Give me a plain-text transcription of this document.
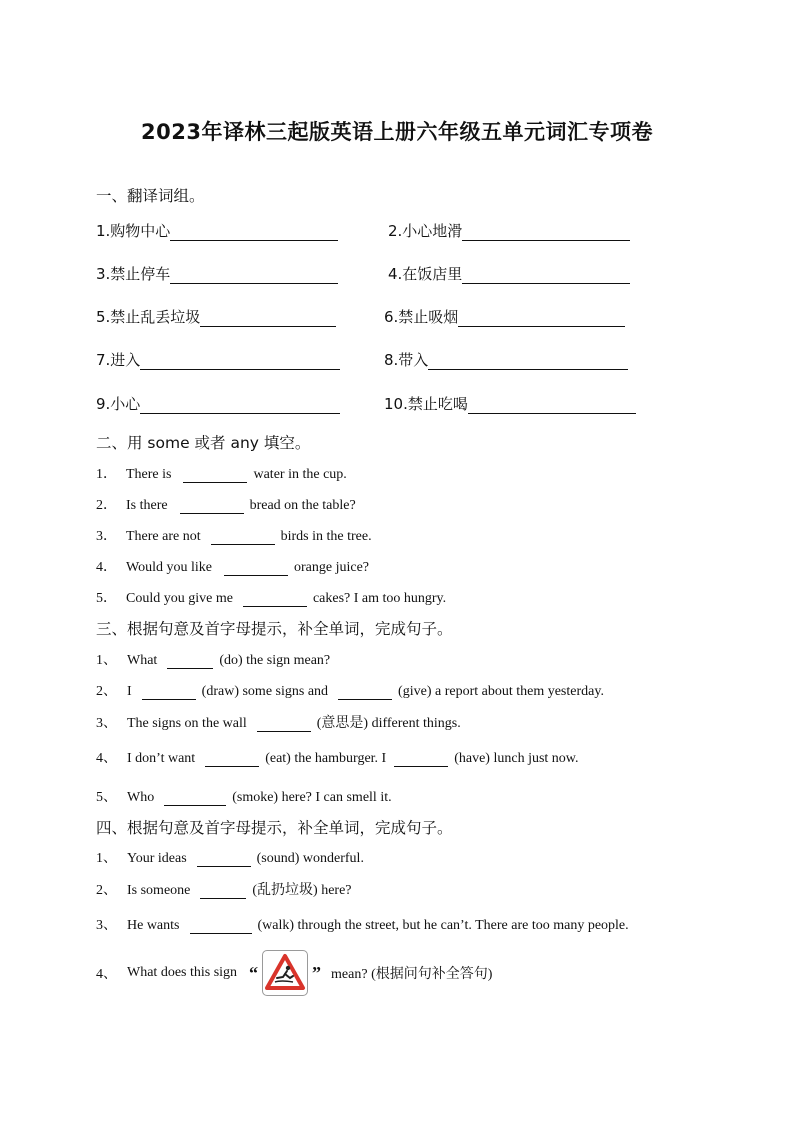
2023年译林三起版英语上册六年级五单元词汇专项卷
一、翻译词组。
1.购物中心	2.小心地滑
3.禁止停车	4.在饭店里
5.禁止乱丢垃圾	6.禁止吸烟
7.进入	8.带入
9.小心	10.禁止吃喝
二、用 some 或者 any 填空。
1． There is	water in the cup.
2． Is there	bread on the table?
3． There are not	birds in the tree.
4． Would you like	orange juice?
5． Could you give me	cakes? I am too hungry.
三、根据句意及首字母提示，补全单词，完成句子。
1、 What	(do) the sign mean?
2、 I	(draw) some signs and	(give) a report about them yesterday.
3、 The signs on the wall	(意思是) different things.
4、 I don’t want	(eat) the hamburger. I	(have) lunch just now.
5、 Who	(smoke) here? I can smell it.
四、根据句意及首字母提示，补全单词，完成句子。
1、 Your ideas	(sound) wonderful.
2、 Is someone	(乱扔垃圾) here?
3、 He wants	(walk) through the street, but he can’t. There are too many people.
4、 What does this sign “	” mean? (根据问句补全答句)
